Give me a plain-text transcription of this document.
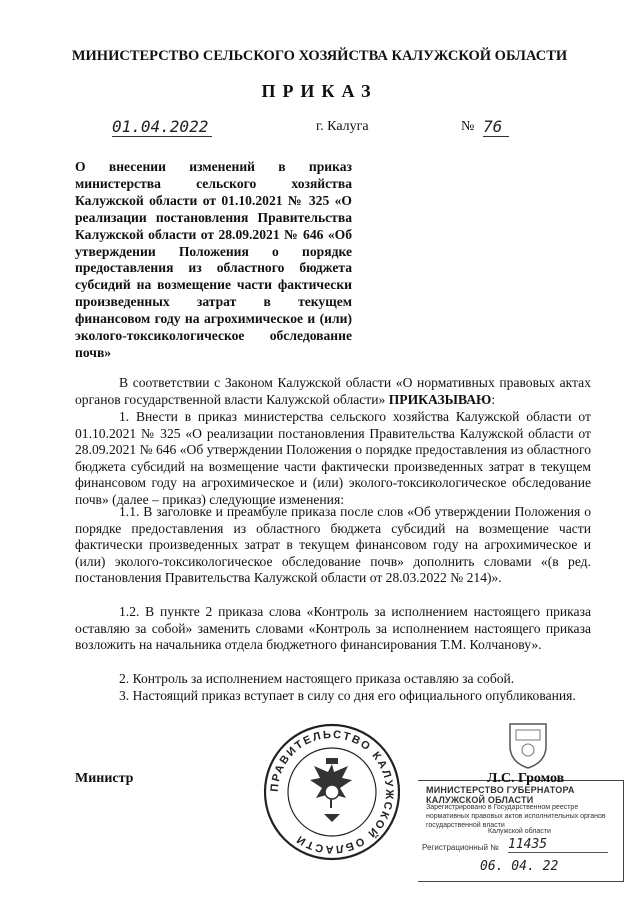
МИНИСТЕРСТВО СЕЛЬСКОГО ХОЗЯЙСТВА КАЛУЖСКОЙ ОБЛАСТИ
ПРИКАЗ
01.04.2022	г. Калуга	№ 76
О внесении изменений в приказ министерства сельского хозяйства Калужской области от 01.10.2021 № 325 «О реализации постановления Правительства Калужской области от 28.09.2021 № 646 «Об утверждении Положения о порядке предоставления из областного бюджета субсидий на возмещение части фактически произведенных затрат в текущем финансовом году на агрохимическое и (или) эколого-токсикологическое обследование почв»
В соответствии с Законом Калужской области «О нормативных правовых актах органов государственной власти Калужской области» ПРИКАЗЫВАЮ:
1. Внести в приказ министерства сельского хозяйства Калужской области от 01.10.2021 № 325 «О реализации постановления Правительства Калужской области от 28.09.2021 № 646 «Об утверждении Положения о порядке предоставления из областного бюджета субсидий на возмещение части фактически произведенных затрат в текущем финансовом году на агрохимическое и (или) эколого-токсикологическое обследование почв» (далее – приказ) следующие изменения:
1.1. В заголовке и преамбуле приказа после слов «Об утверждении Положения о порядке предоставления из областного бюджета субсидий на возмещение части фактически произведенных затрат в текущем финансовом году на агрохимическое и (или) эколого-токсикологическое обследование почв» дополнить словами «(в ред. постановления Правительства Калужской области от 28.03.2022 № 214)».
1.2. В пункте 2 приказа слова «Контроль за исполнением настоящего приказа оставляю за собой» заменить словами «Контроль за исполнением настоящего приказа возложить на начальника отдела бюджетного финансирования Т.М. Колчанову».
2. Контроль за исполнением настоящего приказа оставляю за собой.
3. Настоящий приказ вступает в силу со дня его официального опубликования.
Министр
ПРАВИТЕЛЬСТВО КАЛУЖСКОЙ ОБЛАСТИ
МИНИСТЕРСТВО ГУБЕРНАТОРА КАЛУЖСКОЙ ОБЛАСТИ
Зарегистрировано в Государственном реестре нормативных правовых актов исполнительных органов государственной власти
Калужской области
Регистрационный № 11435
06. 04. 22
Л.С. Громов
